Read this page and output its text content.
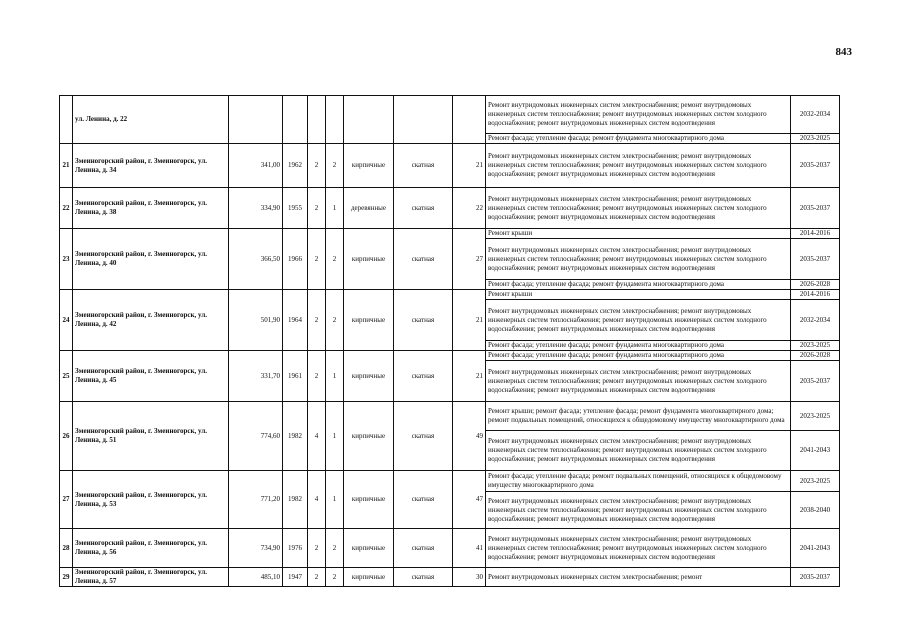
843
	ул. Ленина, д. 22								Ремонт внутридомовых инженерных систем электроснабжения; ремонт внутридомовых инженерных систем теплоснабжения; ремонт внутридомовых инженерных систем холодного водоснабжения; ремонт внутридомовых инженерных систем водоотведения	2032-2034
									Ремонт фасада; утепление фасада; ремонт фундамента многоквартирного дома	2023-2025
21	Змеиногорский район, г. Змеиногорск, ул. Ленина, д. 34	341,00	1962	2	2	кирпичные	скатная	21	Ремонт внутридомовых инженерных систем электроснабжения; ремонт внутридомовых инженерных систем теплоснабжения; ремонт внутридомовых инженерных систем холодного водоснабжения; ремонт внутридомовых инженерных систем водоотведения	2035-2037
22	Змеиногорский район, г. Змеиногорск, ул. Ленина, д. 38	334,90	1955	2	1	деревянные	скатная	22	Ремонт внутридомовых инженерных систем электроснабжения; ремонт внутридомовых инженерных систем теплоснабжения; ремонт внутридомовых инженерных систем холодного водоснабжения; ремонт внутридомовых инженерных систем водоотведения	2035-2037
23	Змеиногорский район, г. Змеиногорск, ул. Ленина, д. 40	366,50	1966	2	2	кирпичные	скатная	27	Ремонт крыши	2014-2016
									Ремонт внутридомовых инженерных систем электроснабжения; ремонт внутридомовых инженерных систем теплоснабжения; ремонт внутридомовых инженерных систем холодного водоснабжения; ремонт внутридомовых инженерных систем водоотведения	2035-2037
									Ремонт фасада; утепление фасада; ремонт фундамента многоквартирного дома	2026-2028
24	Змеиногорский район, г. Змеиногорск, ул. Ленина, д. 42	501,90	1964	2	2	кирпичные	скатная	21	Ремонт крыши	2014-2016
									Ремонт внутридомовых инженерных систем электроснабжения; ремонт внутридомовых инженерных систем теплоснабжения; ремонт внутридомовых инженерных систем холодного водоснабжения; ремонт внутридомовых инженерных систем водоотведения	2032-2034
									Ремонт фасада; утепление фасада; ремонт фундамента многоквартирного дома	2023-2025
25	Змеиногорский район, г. Змеиногорск, ул. Ленина, д. 45	331,70	1961	2	1	кирпичные	скатная	21	Ремонт фасада; утепление фасада; ремонт фундамента многоквартирного дома	2026-2028
									Ремонт внутридомовых инженерных систем электроснабжения; ремонт внутридомовых инженерных систем теплоснабжения; ремонт внутридомовых инженерных систем холодного водоснабжения; ремонт внутридомовых инженерных систем водоотведения	2035-2037
26	Змеиногорский район, г. Змеиногорск, ул. Ленина, д. 51	774,60	1982	4	1	кирпичные	скатная	49	Ремонт крыши; ремонт фасада; утепление фасада; ремонт фундамента многоквартирного дома; ремонт подвальных помещений, относящихся к общедомовому имуществу многоквартирного дома	2023-2025
									Ремонт внутридомовых инженерных систем электроснабжения; ремонт внутридомовых инженерных систем теплоснабжения; ремонт внутридомовых инженерных систем холодного водоснабжения; ремонт внутридомовых инженерных систем водоотведения	2041-2043
27	Змеиногорский район, г. Змеиногорск, ул. Ленина, д. 53	771,20	1982	4	1	кирпичные	скатная	47	Ремонт фасада; утепление фасада; ремонт подвальных помещений, относящихся к общедомовому имуществу многоквартирного дома	2023-2025
									Ремонт внутридомовых инженерных систем электроснабжения; ремонт внутридомовых инженерных систем теплоснабжения; ремонт внутридомовых инженерных систем холодного водоснабжения; ремонт внутридомовых инженерных систем водоотведения	2038-2040
28	Змеиногорский район, г. Змеиногорск, ул. Ленина, д. 56	734,90	1976	2	2	кирпичные	скатная	41	Ремонт внутридомовых инженерных систем электроснабжения; ремонт внутридомовых инженерных систем теплоснабжения; ремонт внутридомовых инженерных систем холодного водоснабжения; ремонт внутридомовых инженерных систем водоотведения	2041-2043
29	Змеиногорский район, г. Змеиногорск, ул. Ленина, д. 57	485,10	1947	2	2	кирпичные	скатная	30	Ремонт внутридомовых инженерных систем электроснабжения; ремонт	2035-2037
